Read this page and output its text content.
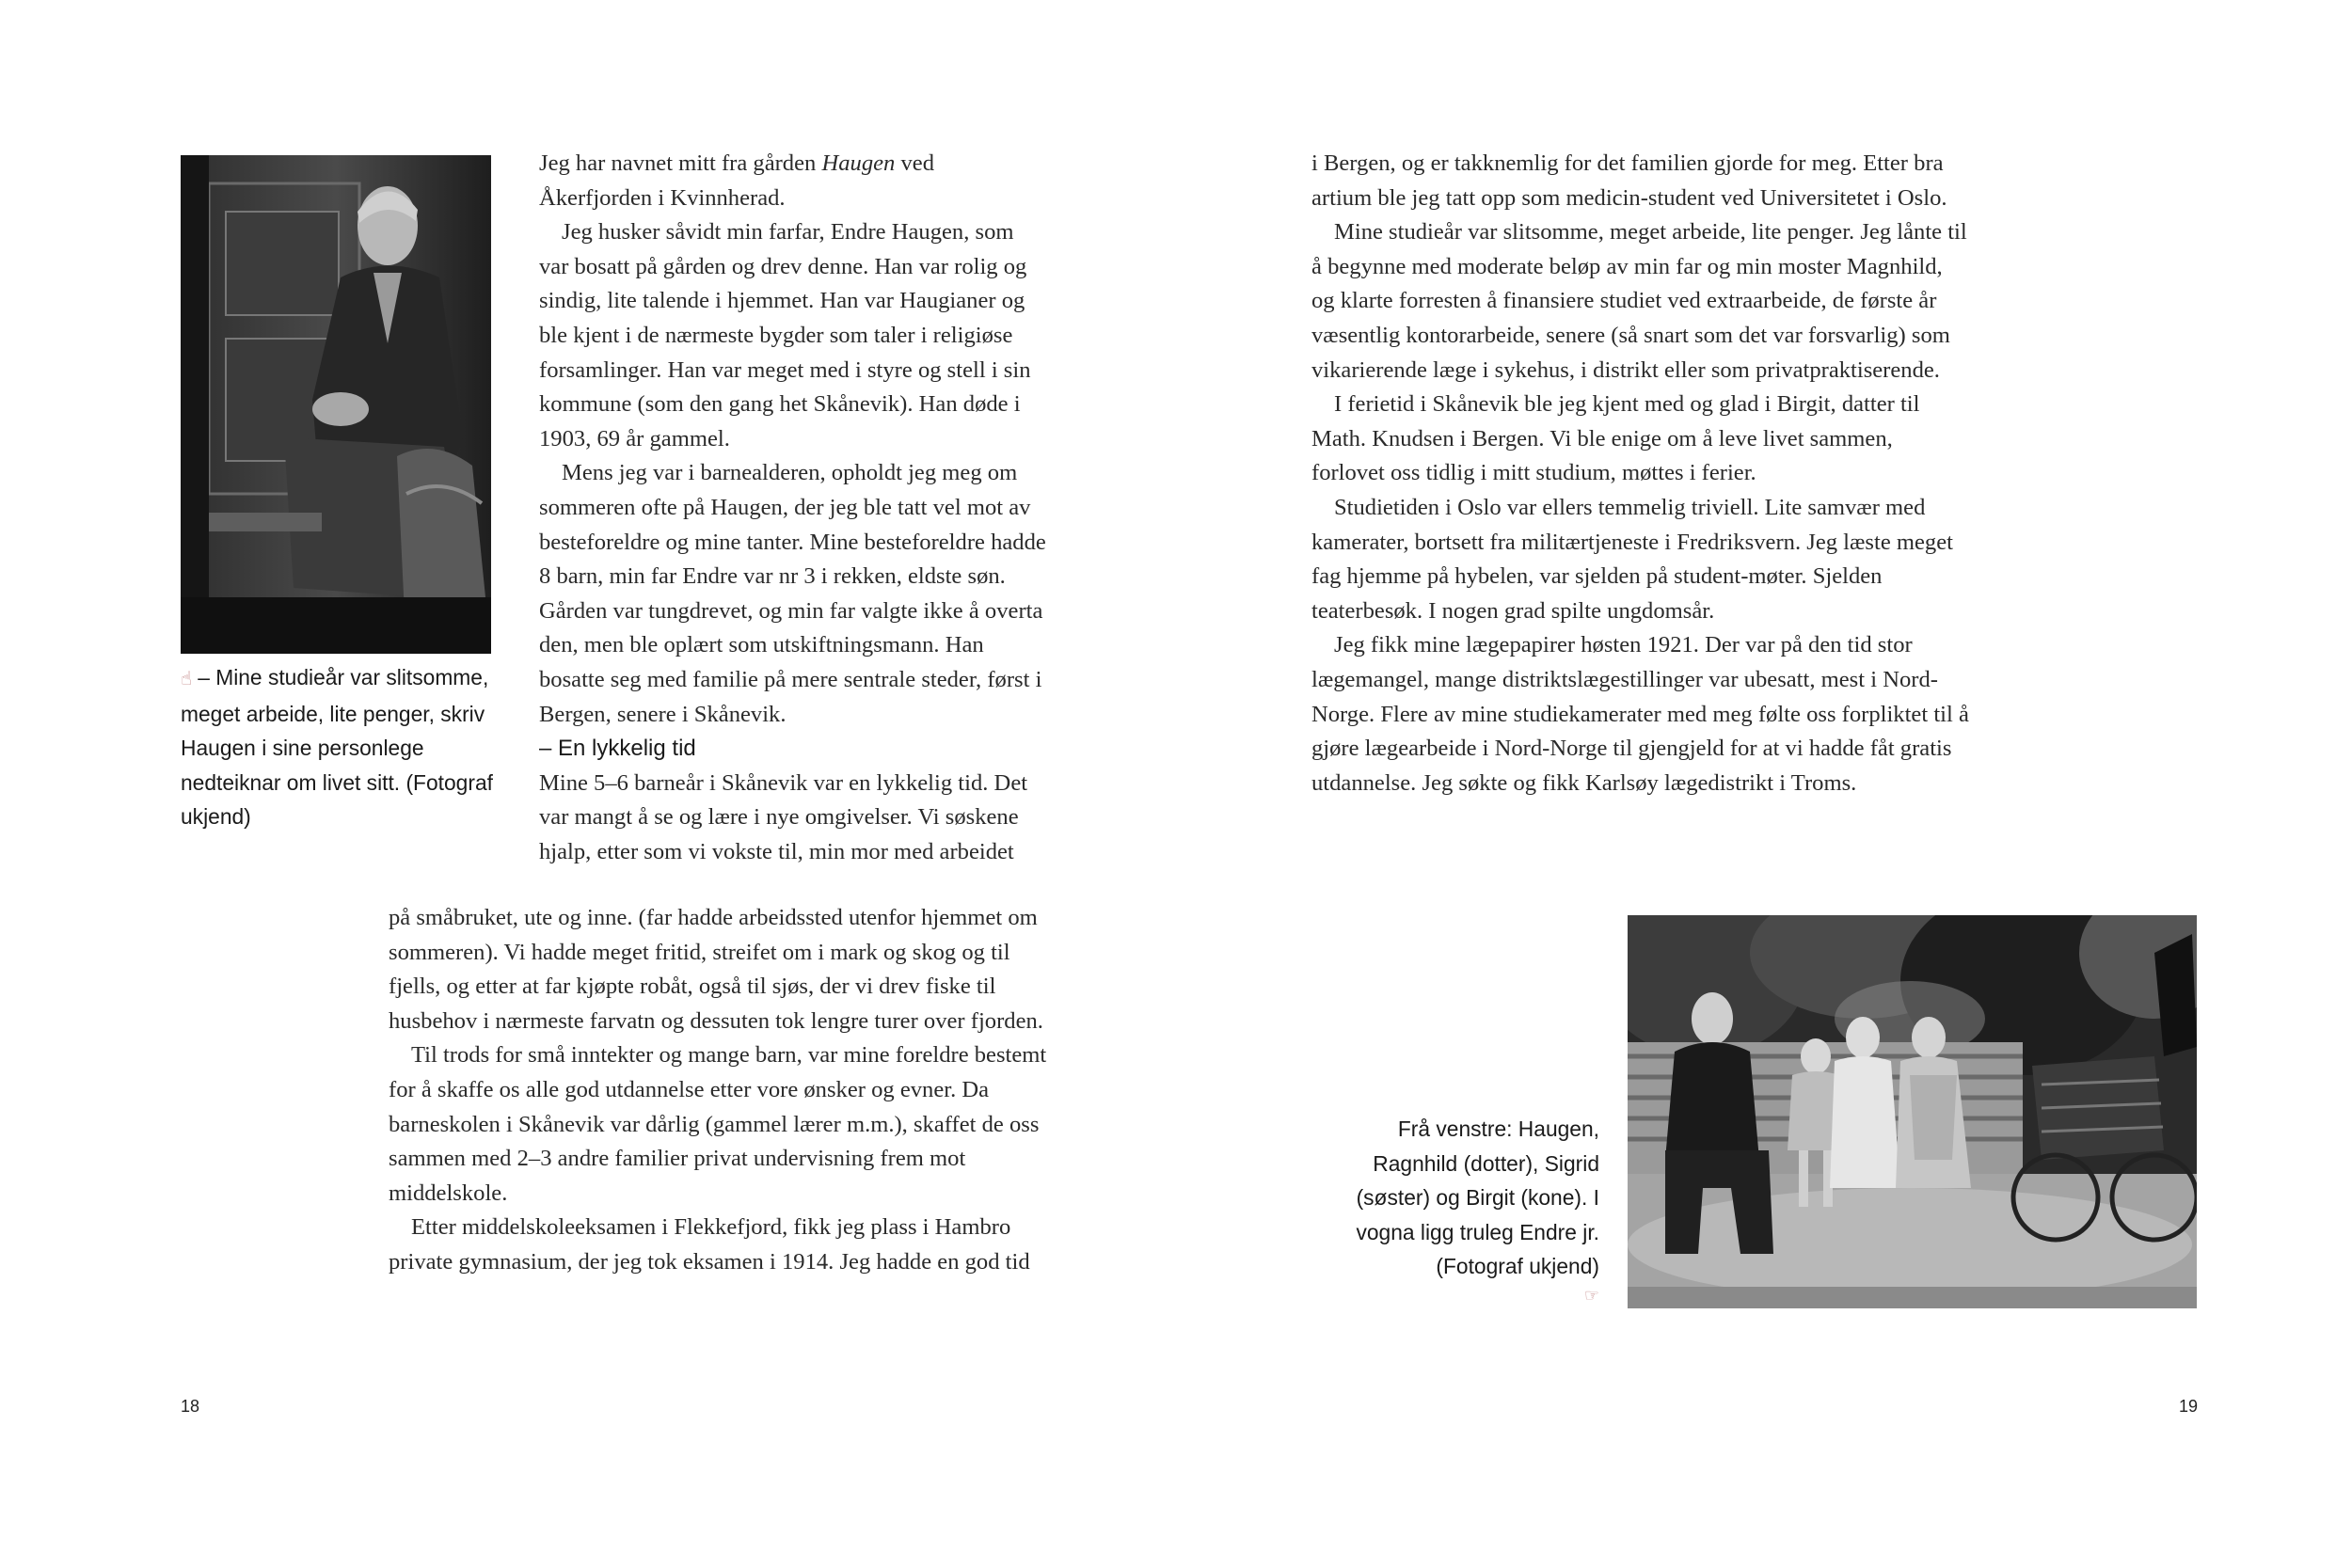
☝ – Mine studieår var slitsomme, meget arbeide, lite penger, skriv Haugen i sine personlege nedteiknar om livet sitt. (Fotograf ukjend)

Jeg har navnet mitt fra gården Haugen ved Åkerfjorden i Kvinnherad.

Jeg husker såvidt min farfar, Endre Haugen, som var bosatt på gården og drev denne. Han var rolig og sindig, lite talende i hjemmet. Han var Haugianer og ble kjent i de nærmeste bygder som taler i religiøse forsamlinger. Han var meget med i styre og stell i sin kommune (som den gang het Skånevik). Han døde i 1903, 69 år gammel.

Mens jeg var i barnealderen, opholdt jeg meg om sommeren ofte på Haugen, der jeg ble tatt vel mot av besteforeldre og mine tanter. Mine besteforeldre hadde 8 barn, min far Endre var nr 3 i rekken, eldste søn. Gården var tungdrevet, og min far valgte ikke å overta den, men ble oplært som utskiftningsmann. Han bosatte seg med familie på mere sentrale steder, først i Bergen, senere i Skånevik.

– En lykkelig tid

Mine 5–6 barneår i Skånevik var en lykkelig tid. Det var mangt å se og lære i nye omgivelser. Vi søskene hjalp, etter som vi vokste til, min mor med arbeidet

på småbruket, ute og inne. (far hadde arbeidssted utenfor hjemmet om sommeren). Vi hadde meget fritid, streifet om i mark og skog og til fjells, og etter at far kjøpte robåt, også til sjøs, der vi drev fiske til husbehov i nærmeste farvatn og dessuten tok lengre turer over fjorden.

Til trods for små inntekter og mange barn, var mine foreldre bestemt for å skaffe os alle god utdannelse etter vore ønsker og evner. Da barneskolen i Skånevik var dårlig (gammel lærer m.m.), skaffet de oss sammen med 2–3 andre familier privat undervisning frem mot middelskole.

Etter middelskoleeksamen i Flekkefjord, fikk jeg plass i Hambro private gymnasium, der jeg tok eksamen i 1914. Jeg hadde en god tid

18

i Bergen, og er takknemlig for det familien gjorde for meg. Etter bra artium ble jeg tatt opp som medicin-student ved Universitetet i Oslo.

Mine studieår var slitsomme, meget arbeide, lite penger. Jeg lånte til å begynne med moderate beløp av min far og min moster Magnhild, og klarte forresten å finansiere studiet ved extraarbeide, de første år væsentlig kontorarbeide, senere (så snart som det var forsvarlig) som vikarierende læge i sykehus, i distrikt eller som privatpraktiserende.

I ferietid i Skånevik ble jeg kjent med og glad i Birgit, datter til Math. Knudsen i Bergen. Vi ble enige om å leve livet sammen, forlovet oss tidlig i mitt studium, møttes i ferier.

Studietiden i Oslo var ellers temmelig triviell. Lite samvær med kamerater, bortsett fra militærtjeneste i Fredriksvern. Jeg læste meget fag hjemme på hybelen, var sjelden på student-møter. Sjelden teaterbesøk. I nogen grad spilte ungdomsår.

Jeg fikk mine lægepapirer høsten 1921. Der var på den tid stor lægemangel, mange distriktslægestillinger var ubesatt, mest i Nord-Norge. Flere av mine studiekamerater med meg følte oss forpliktet til å gjøre lægearbeide i Nord-Norge til gjengjeld for at vi hadde fåt gratis utdannelse. Jeg søkte og fikk Karlsøy lægedistrikt i Troms.

Frå venstre: Haugen, Ragnhild (dotter), Sigrid (søster) og Birgit (kone). I vogna ligg truleg Endre jr. (Fotograf ukjend)
☞
19
